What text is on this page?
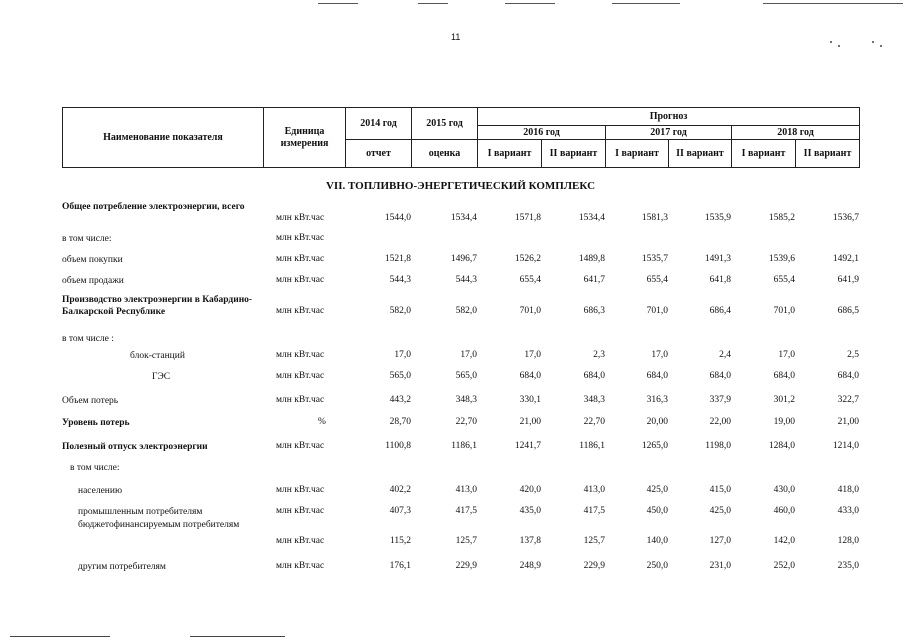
11
Наименование показателя	Единица измерения	2014 год	2015 год	Прогноз					
				2016 год		2017 год		2018 год	
		отчет	оценка	I вариант	II вариант	I вариант	II вариант	I вариант	II вариант
VII. ТОПЛИВНО-ЭНЕРГЕТИЧЕСКИЙ КОМПЛЕКС
Общее потребление электроэнергии, всего
млн кВт.час	1544,0	1534,4	1571,8	1534,4	1581,3	1535,9	1585,2	1536,7
в том числе:	млн кВт.час
объем покупки	млн кВт.час	1521,8	1496,7	1526,2	1489,8	1535,7	1491,3	1539,6	1492,1
объем продажи	млн кВт.час	544,3	544,3	655,4	641,7	655,4	641,8	655,4	641,9
Производство электроэнергии в Кабардино-Балкарской Республике	млн кВт.час	582,0	582,0	701,0	686,3	701,0	686,4	701,0	686,5
в том числе :
блок-станций	млн кВт.час	17,0	17,0	17,0	2,3	17,0	2,4	17,0	2,5
ГЭС	млн кВт.час	565,0	565,0	684,0	684,0	684,0	684,0	684,0	684,0
Объем потерь	млн кВт.час	443,2	348,3	330,1	348,3	316,3	337,9	301,2	322,7
Уровень потерь	%	28,70	22,70	21,00	22,70	20,00	22,00	19,00	21,00
Полезный отпуск электроэнергии	млн кВт.час	1100,8	1186,1	1241,7	1186,1	1265,0	1198,0	1284,0	1214,0
в том числе:
населению	млн кВт.час	402,2	413,0	420,0	413,0	425,0	415,0	430,0	418,0
промышленным потребителям	млн кВт.час	407,3	417,5	435,0	417,5	450,0	425,0	460,0	433,0
бюджетофинансируемым потребителям
млн кВт.час	115,2	125,7	137,8	125,7	140,0	127,0	142,0	128,0
другим потребителям	млн кВт.час	176,1	229,9	248,9	229,9	250,0	231,0	252,0	235,0
